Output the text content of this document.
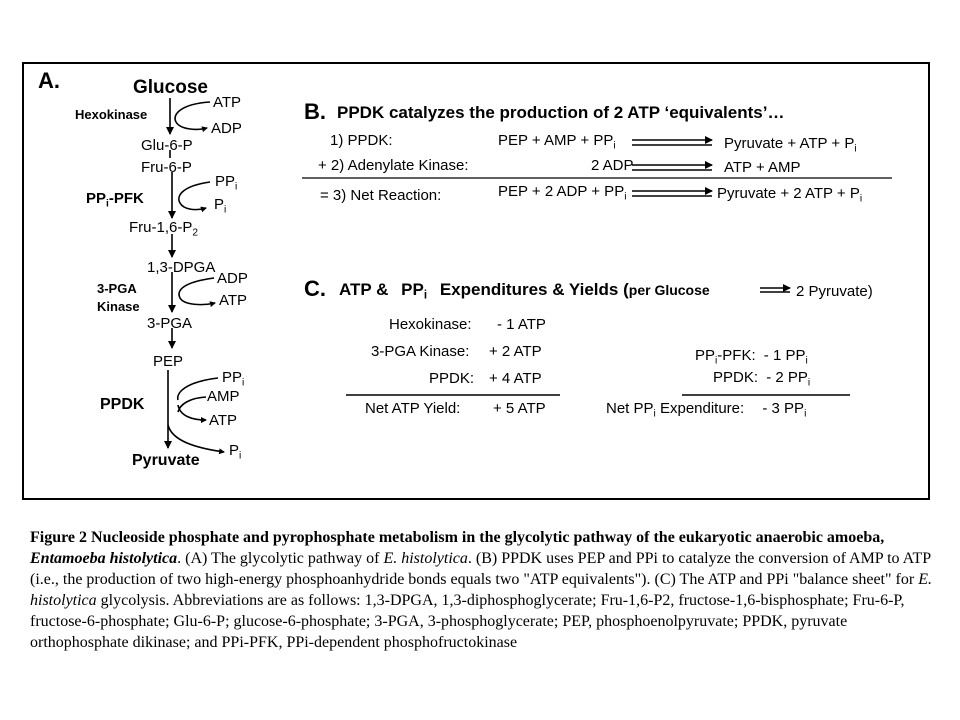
A.	Glucose
Hexokinase
ATP
ADP
Glu-6-P
Fru-6-P
$PP_i$
$PP_i$-PFK	$P_i$
Fru-$1,6-P_2$
1,3-DPGA
ADP
3-PGA
Kinase	ATP
3-PGA
PEP
$PP_i$
AMP
PPDK
ATP
$P_i$
Pyruvate
B. PPDK catalyzes the production of 2 ATP ‘equivalents’…
1) PPDK:	PEP + AMP + $PP_i$	Pyruvate + ATP + $P_i$
+ 2) Adenylate Kinase:	2 ADP	ATP + AMP
= 3) Net Reaction:	PEP + 2 ADP + $PP_i$	Pyruvate + 2 ATP + $P_i$
C. ATP & $PP_i$ Expenditures & Yields (per Glucose	2 Pyruvate)
Hexokinase: - 1 ATP
3-PGA Kinase: + 2 ATP
PPDK: + 4 ATP
Net ATP Yield: + 5 ATP
$PP_i$-PFK: - 1 $PP_i$
PPDK: - 2 $PP_i$
Net $PP_i$ Expenditure: - 3 $PP_i$
Figure 2 Nucleoside phosphate and pyrophosphate metabolism in the glycolytic pathway of the eukaryotic anaerobic amoeba, Entamoeba histolytica. (A) The glycolytic pathway of E. histolytica. (B) PPDK uses PEP and PPi to catalyze the conversion of AMP to ATP (i.e., the production of two high-energy phosphoanhydride bonds equals two "ATP equivalents"). (C) The ATP and PPi "balance sheet" for E. histolytica glycolysis. Abbreviations are as follows: 1,3-DPGA, 1,3-diphosphoglycerate; Fru-1,6-P2, fructose-1,6-bisphosphate; Fru-6-P, fructose-6-phosphate; Glu-6-P; glucose-6-phosphate; 3-PGA, 3-phosphoglycerate; PEP, phosphoenolpyruvate; PPDK, pyruvate orthophosphate dikinase; and PPi-PFK, PPi-dependent phosphofructokinase
